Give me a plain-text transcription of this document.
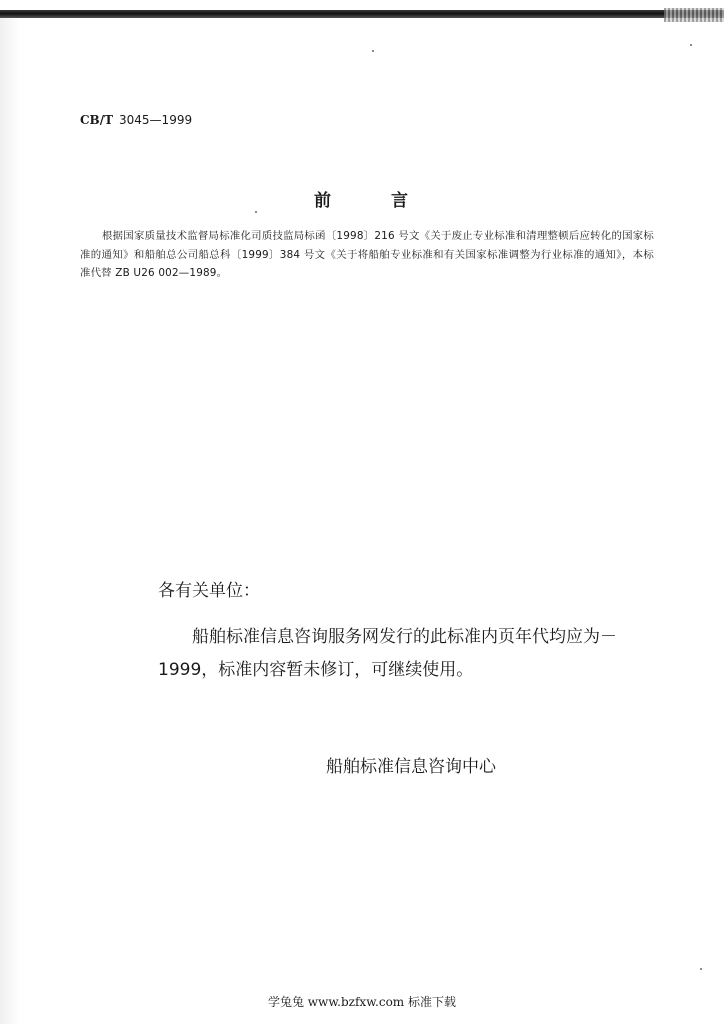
CB/T 3045—1999
前	言
根据国家质量技术监督局标准化司质技监局标函〔1998〕216 号文《关于废止专业标准和清理整顿后应转化的国家标准的通知》和船舶总公司船总科〔1999〕384 号文《关于将船舶专业标准和有关国家标准调整为行业标准的通知》，本标准代替 ZB U26 002—1989。
各有关单位：
船舶标准信息咨询服务网发行的此标准内页年代均应为－1999，标准内容暂未修订，可继续使用。
船舶标准信息咨询中心
学兔兔 www.bzfxw.com 标准下载
